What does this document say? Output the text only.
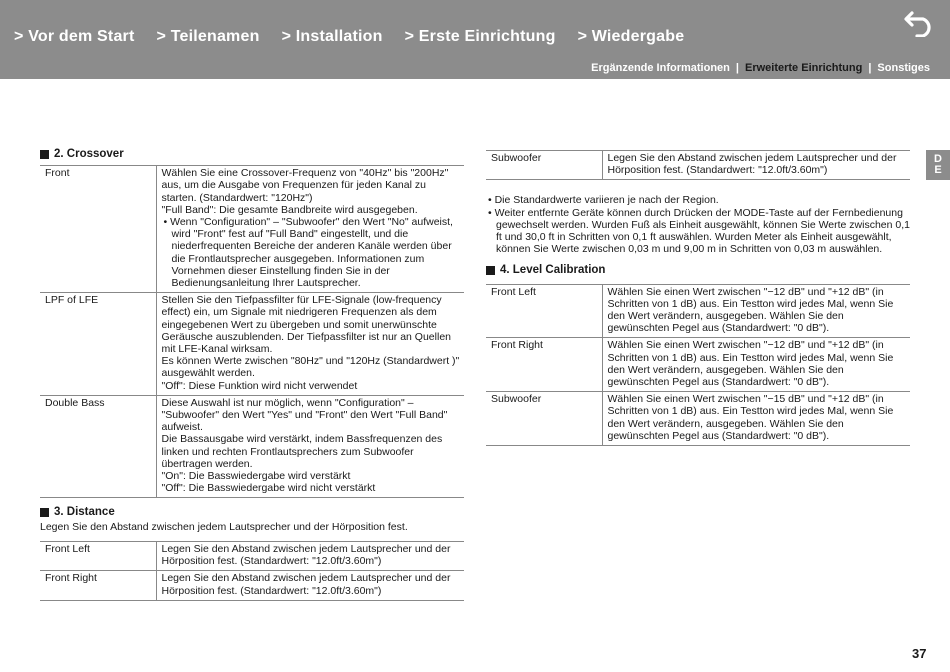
> Vor dem Start > Teilenamen > Installation > Erste Einrichtung > Wiedergabe
Ergänzende Informationen | Erweiterte Einrichtung | Sonstiges
D
E
2. Crossover
Front	Wählen Sie eine Crossover-Frequenz von "40Hz" bis "200Hz" aus, um die Ausgabe von Frequenzen für jeden Kanal zu starten. (Standardwert: "120Hz")
"Full Band": Die gesamte Bandbreite wird ausgegeben.
• Wenn "Configuration" – "Subwoofer" den Wert "No" aufweist, wird "Front" fest auf "Full Band" eingestellt, und die niederfrequenten Bereiche der anderen Kanäle werden über die Frontlautsprecher ausgegeben. Informationen zum Vornehmen dieser Einstellung finden Sie in der Bedienungsanleitung Ihrer Lautsprecher.

LPF of LFE	Stellen Sie den Tiefpassfilter für LFE-Signale (low-frequency effect) ein, um Signale mit niedrigeren Frequenzen als dem eingegebenen Wert zu übergeben und somit unerwünschte Geräusche auszublenden. Der Tiefpassfilter ist nur an Quellen mit LFE-Kanal wirksam.
Es können Werte zwischen "80Hz" und "120Hz (Standardwert )" ausgewählt werden.
"Off": Diese Funktion wird nicht verwendet

Double Bass	Diese Auswahl ist nur möglich, wenn "Configuration" – "Subwoofer" den Wert "Yes" und "Front" den Wert "Full Band" aufweist.
Die Bassausgabe wird verstärkt, indem Bassfrequenzen des linken und rechten Frontlautsprechers zum Subwoofer übertragen werden.
"On": Die Basswiedergabe wird verstärkt
"Off": Die Basswiedergabe wird nicht verstärkt
3. Distance
Legen Sie den Abstand zwischen jedem Lautsprecher und der Hörposition fest.
Front Left	Legen Sie den Abstand zwischen jedem Lautsprecher und der Hörposition fest. (Standardwert: "12.0ft/3.60m")
Front Right	Legen Sie den Abstand zwischen jedem Lautsprecher und der Hörposition fest. (Standardwert: "12.0ft/3.60m")
Subwoofer	Legen Sie den Abstand zwischen jedem Lautsprecher und der Hörposition fest. (Standardwert: "12.0ft/3.60m")
• Die Standardwerte variieren je nach der Region.
• Weiter entfernte Geräte können durch Drücken der MODE-Taste auf der Fernbedienung gewechselt werden. Wurden Fuß als Einheit ausgewählt, können Sie Werte zwischen 0,1 ft und 30,0 ft in Schritten von 0,1 ft auswählen. Wurden Meter als Einheit ausgewählt, können Sie Werte zwischen 0,03 m und 9,00 m in Schritten von 0,03 m auswählen.
4. Level Calibration
Front Left	Wählen Sie einen Wert zwischen "−12 dB" und "+12 dB" (in Schritten von 1 dB) aus. Ein Testton wird jedes Mal, wenn Sie den Wert verändern, ausgegeben. Wählen Sie den gewünschten Pegel aus (Standardwert: "0 dB").
Front Right	Wählen Sie einen Wert zwischen "−12 dB" und "+12 dB" (in Schritten von 1 dB) aus. Ein Testton wird jedes Mal, wenn Sie den Wert verändern, ausgegeben. Wählen Sie den gewünschten Pegel aus (Standardwert: "0 dB").
Subwoofer	Wählen Sie einen Wert zwischen "−15 dB" und "+12 dB" (in Schritten von 1 dB) aus. Ein Testton wird jedes Mal, wenn Sie den Wert verändern, ausgegeben. Wählen Sie den gewünschten Pegel aus (Standardwert: "0 dB").
37
